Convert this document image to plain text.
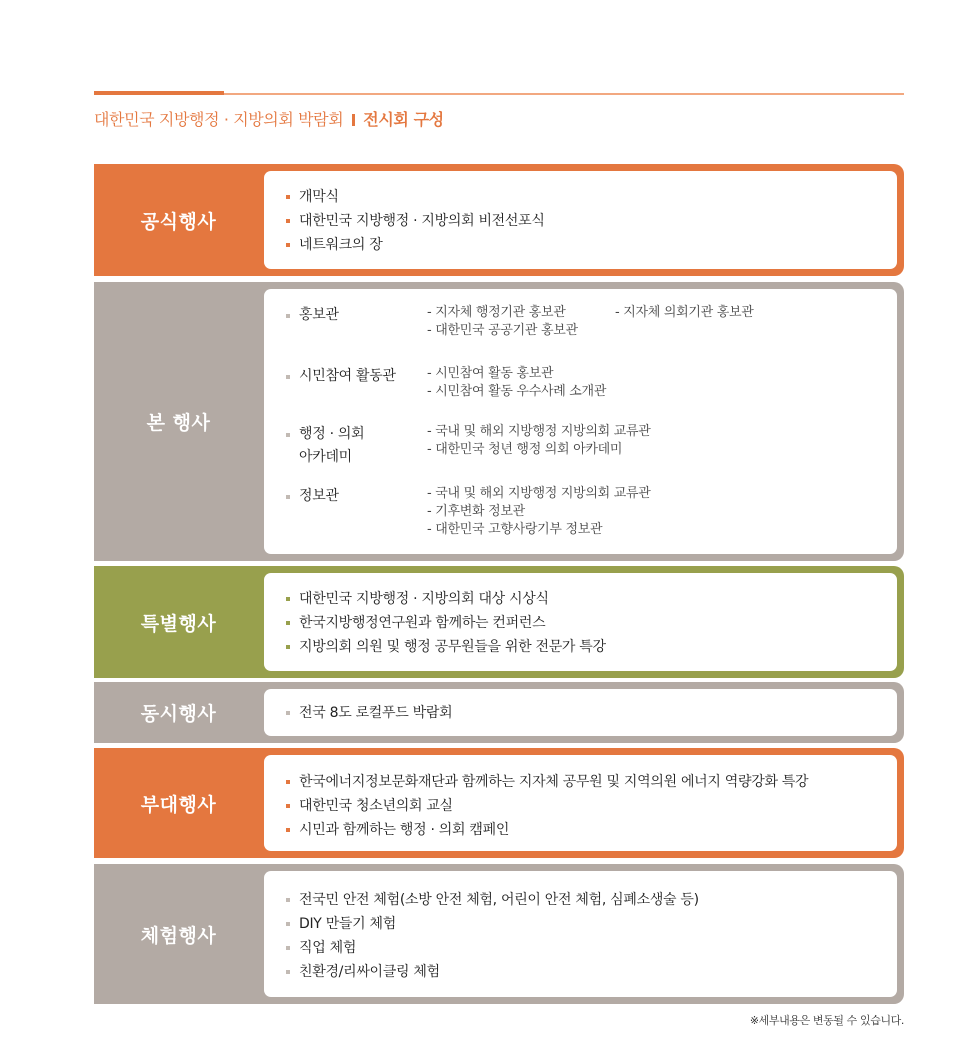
대한민국 지방행정 · 지방의회 박람회 전시회 구성
공식행사
개막식
대한민국 지방행정 · 지방의회 비전선포식
네트워크의 장
본 행사
홍보관	- 지자체 행정기관 홍보관
- 대한민국 공공기관 홍보관
- 지자체 의회기관 홍보관
시민참여 활동관	- 시민참여 활동 홍보관
- 시민참여 활동 우수사례 소개관
행정 · 의회
아카데미
- 국내 및 해외 지방행정 지방의회 교류관
- 대한민국 청년 행정 의회 아카데미
정보관	- 국내 및 해외 지방행정 지방의회 교류관
- 기후변화 정보관
- 대한민국 고향사랑기부 정보관
특별행사
대한민국 지방행정 · 지방의회 대상 시상식
한국지방행정연구원과 함께하는 컨퍼런스
지방의회 의원 및 행정 공무원들을 위한 전문가 특강
동시행사	전국 8도 로컬푸드 박람회
부대행사
한국에너지정보문화재단과 함께하는 지자체 공무원 및 지역의원 에너지 역량강화 특강
대한민국 청소년의회 교실
시민과 함께하는 행정 · 의회 캠페인
체험행사
전국민 안전 체험(소방 안전 체험, 어린이 안전 체험, 심폐소생술 등)
DIY 만들기 체험
직업 체험
친환경/리싸이클링 체험
※세부내용은 변동될 수 있습니다.
